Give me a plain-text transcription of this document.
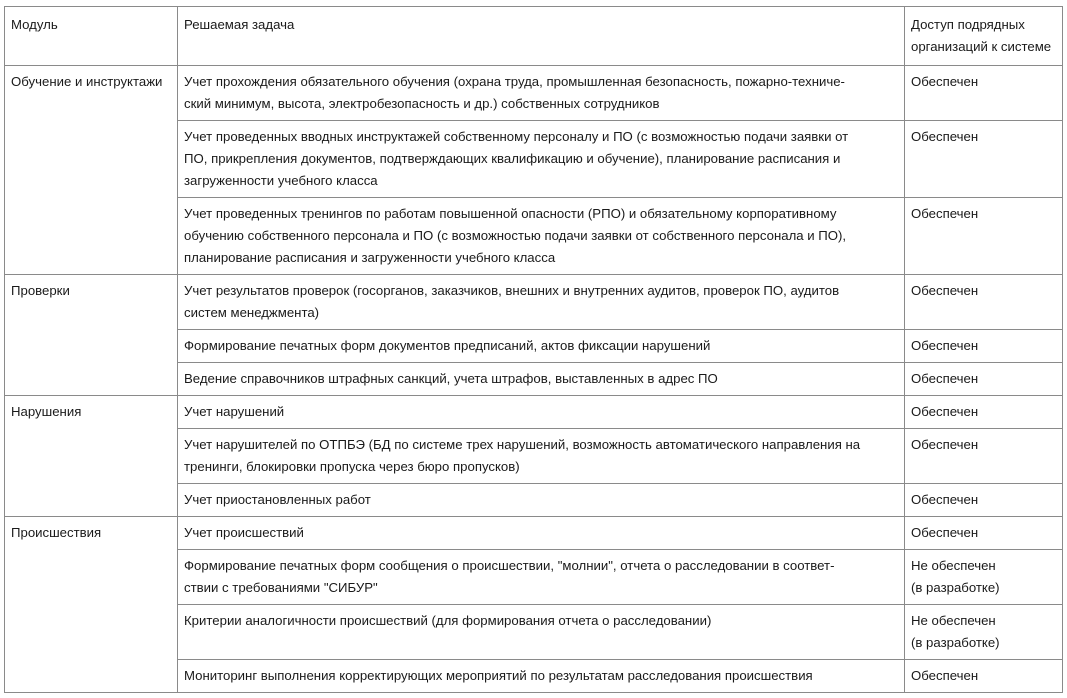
Модуль	Решаемая задача	Доступ подрядных
организаций к системе
Обучение и инструктажи	Учет прохождения обязательного обучения (охрана труда, промышленная безопасность, пожарно-техниче-
ский минимум, высота, электробезопасность и др.) собственных сотрудников	Обеспечен
	Учет проведенных вводных инструктажей собственному персоналу и ПО (с возможностью подачи заявки от
ПО, прикрепления документов, подтверждающих квалификацию и обучение), планирование расписания и
загруженности учебного класса	Обеспечен
	Учет проведенных тренингов по работам повышенной опасности (РПО) и обязательному корпоративному
обучению собственного персонала и ПО (с возможностью подачи заявки от собственного персонала и ПО),
планирование расписания и загруженности учебного класса	Обеспечен
Проверки	Учет результатов проверок (госорганов, заказчиков, внешних и внутренних аудитов, проверок ПО, аудитов
систем менеджмента)	Обеспечен
	Формирование печатных форм документов предписаний, актов фиксации нарушений	Обеспечен
	Ведение справочников штрафных санкций, учета штрафов, выставленных в адрес ПО	Обеспечен
Нарушения	Учет нарушений	Обеспечен
	Учет нарушителей по ОТПБЭ (БД по системе трех нарушений, возможность автоматического направления на
тренинги, блокировки пропуска через бюро пропусков)	Обеспечен
	Учет приостановленных работ	Обеспечен
Происшествия	Учет происшествий	Обеспечен
	Формирование печатных форм сообщения о происшествии, "молнии", отчета о расследовании в соответ-
ствии с требованиями "СИБУР"	Не обеспечен
(в разработке)
	Критерии аналогичности происшествий (для формирования отчета о расследовании)	Не обеспечен
(в разработке)
	Мониторинг выполнения корректирующих мероприятий по результатам расследования происшествия	Обеспечен
